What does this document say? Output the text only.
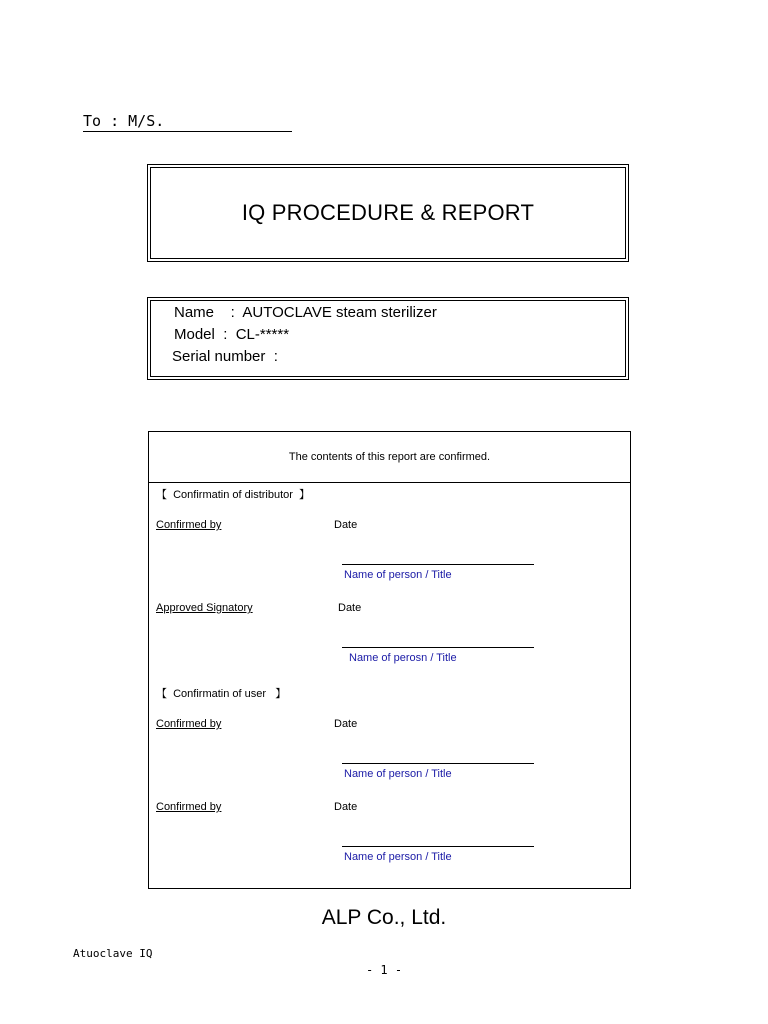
To : M/S.
IQ PROCEDURE & REPORT
Name    :  AUTOCLAVE steam sterilizer
Model  :  CL-*****
Serial number  :
The contents of this report are confirmed.
【  Confirmatin of distributor  】
Confirmed by	Date
Name of person / Title
Approved Signatory	Date
Name of perosn / Title
【  Confirmatin of user   】
Confirmed by	Date
Name of person / Title
Confirmed by	Date
Name of person / Title
ALP Co., Ltd.
Atuoclave IQ
- 1 -
